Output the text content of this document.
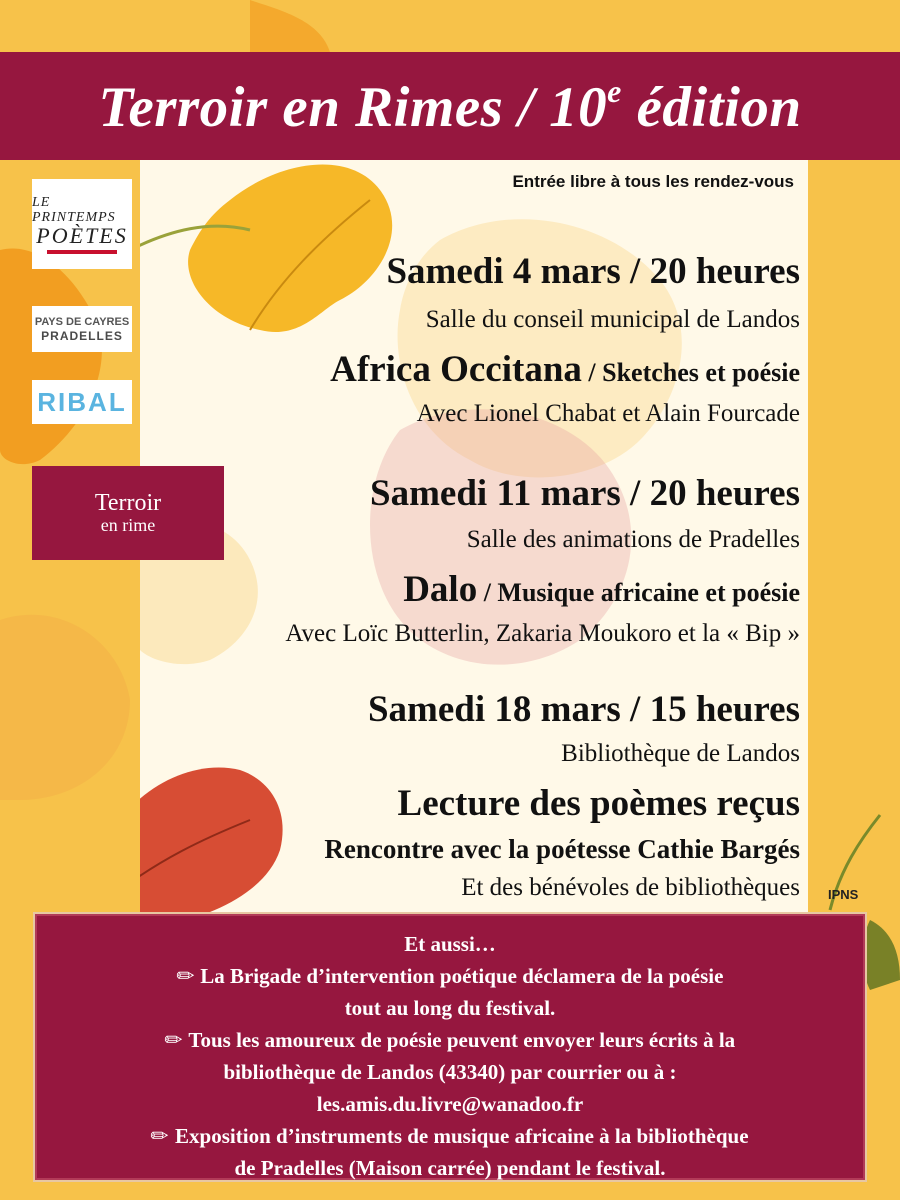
Terroir en Rimes / 10e édition
Entrée libre à tous les rendez-vous
Samedi 4 mars / 20 heures
Salle du conseil municipal de Landos
Africa Occitana / Sketches et poésie
Avec Lionel Chabat et Alain Fourcade
Samedi 11 mars / 20 heures
Salle des animations de Pradelles
Dalo / Musique africaine et poésie
Avec Loïc Butterlin, Zakaria Moukoro et la « Bip »
Samedi 18 mars / 15 heures
Bibliothèque de Landos
Lecture des poèmes reçus
Rencontre avec la poétesse Cathie Bargés
Et des bénévoles de bibliothèques
LE PRINTEMPS
POÈTES
PAYS DE CAYRES
PRADELLES
RIBAL
Terroir
en rime
IPNS
Et aussi…
✎La Brigade d’intervention poétique déclamera de la poésie
tout au long du festival.
✎Tous les amoureux de poésie peuvent envoyer leurs écrits à la
bibliothèque de Landos (43340) par courrier ou à :
les.amis.du.livre@wanadoo.fr
✎Exposition d’instruments de musique africaine à la bibliothèque
de Pradelles (Maison carrée) pendant le festival.
